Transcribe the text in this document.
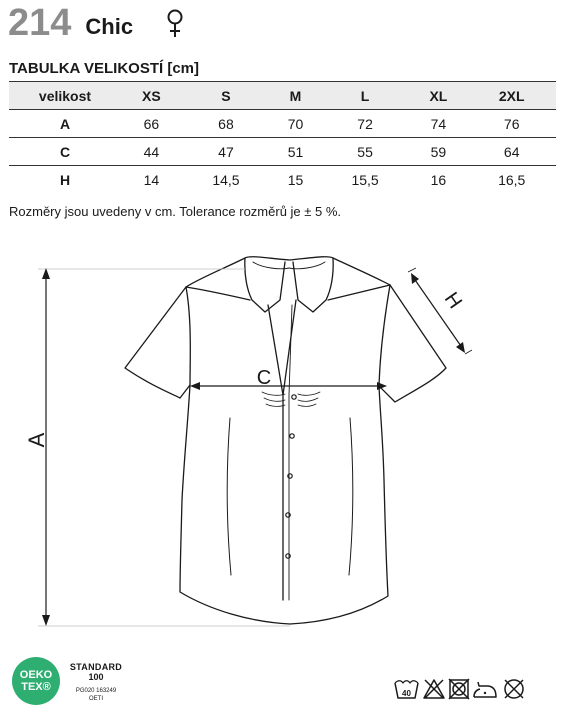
214 Chic
TABULKA VELIKOSTÍ [cm]
velikost	XS	S	M	L	XL	2XL
A	66	68	70	72	74	76
C	44	47	51	55	59	64
H	14	14,5	15	15,5	16	16,5
Rozměry jsou uvedeny v cm. Tolerance rozměrů je ± 5 %.
A
C
H
OEKO
TEX®
STANDARD
100
PG020 163249
OETI
40
